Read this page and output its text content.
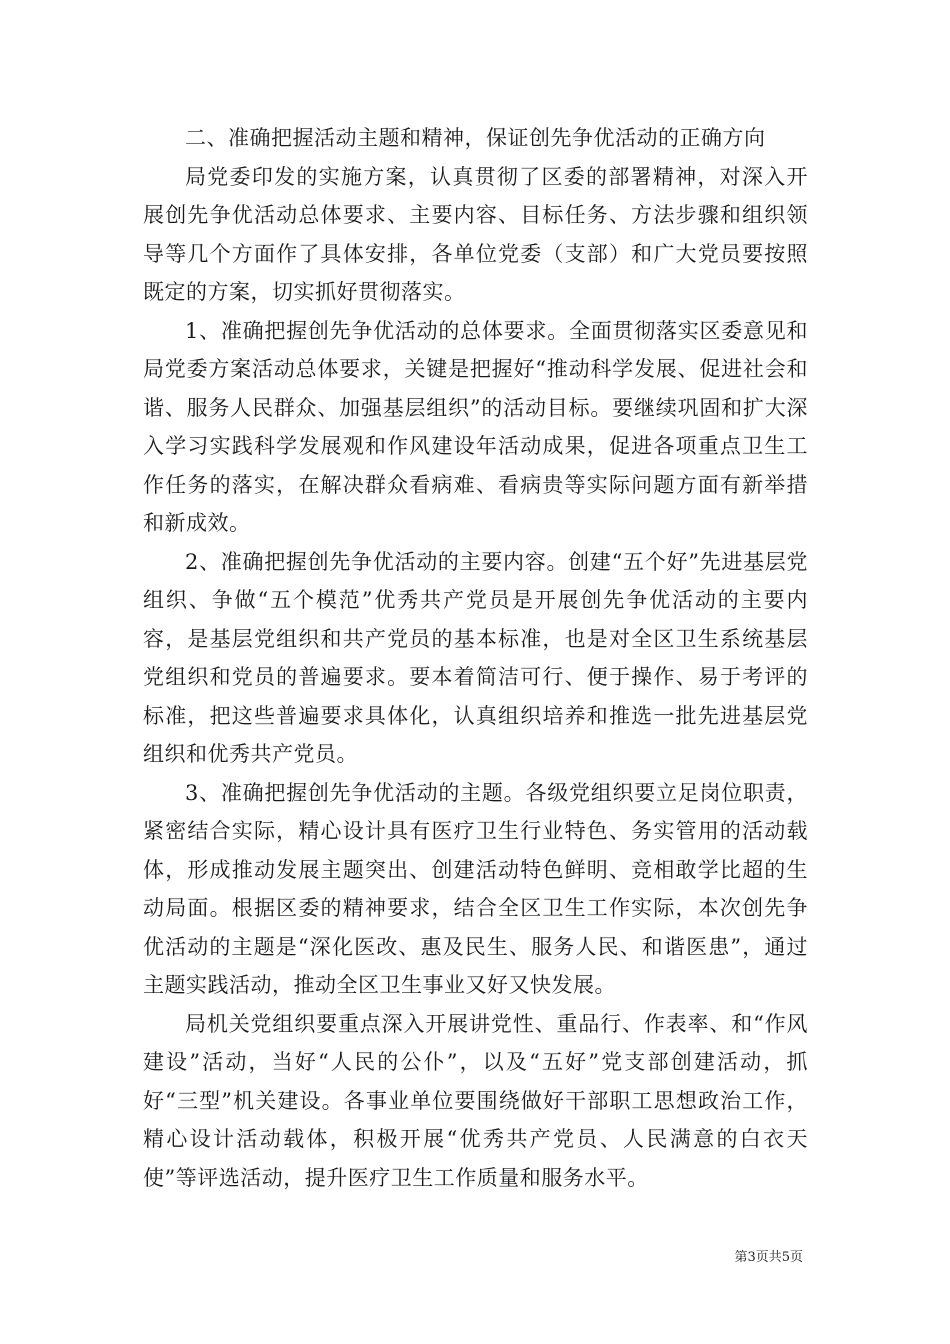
二、准确把握活动主题和精神，保证创先争优活动的正确方向

局党委印发的实施方案，认真贯彻了区委的部署精神，对深入开展创先争优活动总体要求、主要内容、目标任务、方法步骤和组织领导等几个方面作了具体安排，各单位党委（支部）和广大党员要按照既定的方案，切实抓好贯彻落实。

1、准确把握创先争优活动的总体要求。全面贯彻落实区委意见和局党委方案活动总体要求，关键是把握好“推动科学发展、促进社会和谐、服务人民群众、加强基层组织”的活动目标。要继续巩固和扩大深入学习实践科学发展观和作风建设年活动成果，促进各项重点卫生工作任务的落实，在解决群众看病难、看病贵等实际问题方面有新举措和新成效。

2、准确把握创先争优活动的主要内容。创建“五个好”先进基层党组织、争做“五个模范”优秀共产党员是开展创先争优活动的主要内容，是基层党组织和共产党员的基本标准，也是对全区卫生系统基层党组织和党员的普遍要求。要本着简洁可行、便于操作、易于考评的标准，把这些普遍要求具体化，认真组织培养和推选一批先进基层党组织和优秀共产党员。

3、准确把握创先争优活动的主题。各级党组织要立足岗位职责，紧密结合实际，精心设计具有医疗卫生行业特色、务实管用的活动载体，形成推动发展主题突出、创建活动特色鲜明、竞相敢学比超的生动局面。根据区委的精神要求，结合全区卫生工作实际，本次创先争优活动的主题是“深化医改、惠及民生、服务人民、和谐医患”，通过主题实践活动，推动全区卫生事业又好又快发展。

局机关党组织要重点深入开展讲党性、重品行、作表率、和“作风建设”活动，当好“人民的公仆”，以及“五好”党支部创建活动，抓好“三型”机关建设。各事业单位要围绕做好干部职工思想政治工作，精心设计活动载体，积极开展“优秀共产党员、人民满意的白衣天使”等评选活动，提升医疗卫生工作质量和服务水平。

第3页共5页
